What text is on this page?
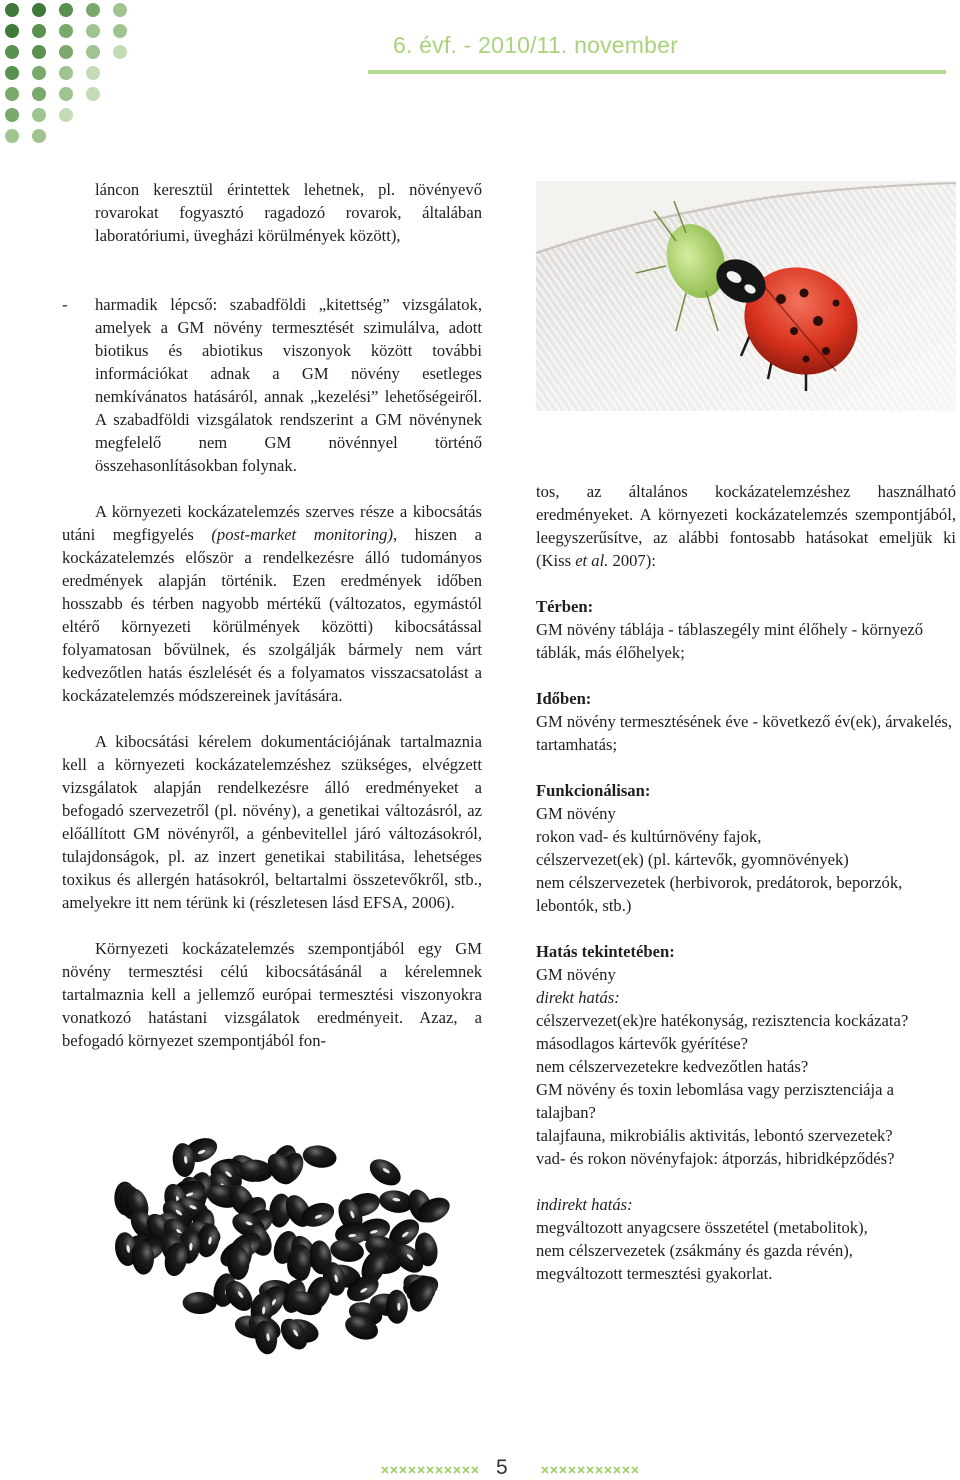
6. évf. - 2010/11. november

láncon keresztül érintettek lehetnek, pl. növényevő rovarokat fogyasztó ragadozó rovarok, általában laboratóriumi, üvegházi körülmények között),

- harmadik lépcső: szabadföldi „kitettség” vizsgálatok, amelyek a GM növény termesztését szimulálva, adott biotikus és abiotikus viszonyok között további információkat adnak a GM növény esetleges nemkívánatos hatásáról, annak „kezelési” lehetőségeiről. A szabadföldi vizsgálatok rendszerint a GM növénynek megfelelő nem GM növénnyel történő összehasonlításokban folynak.

A környezeti kockázatelemzés szerves része a kibocsátás utáni megfigyelés (post-market monitoring), hiszen a kockázatelemzés először a rendelkezésre álló tudományos eredmények alapján történik. Ezen eredmények időben hosszabb és térben nagyobb mértékű (változatos, egymástól eltérő környezeti körülmények közötti) kibocsátással folyamatosan bővülnek, és szolgálják bármely nem várt kedvezőtlen hatás észlelését és a folyamatos visszacsatolást a kockázatelemzés módszereinek javítására.

A kibocsátási kérelem dokumentációjának tartalmaznia kell a környezeti kockázatelemzéshez szükséges, elvégzett vizsgálatok alapján rendelkezésre álló eredményeket a befogadó szervezetről (pl. növény), a genetikai változásról, az előállított GM növényről, a génbevitellel járó változásokról, tulajdonságok, pl. az inzert genetikai stabilitása, lehetséges toxikus és allergén hatásokról, beltartalmi összetevőkről, stb., amelyekre itt nem térünk ki (részletesen lásd EFSA, 2006).

Környezeti kockázatelemzés szempontjából egy GM növény termesztési célú kibocsátásánál a kérelemnek tartalmaznia kell a jellemző európai termesztési viszonyokra vonatkozó hatástani vizsgálatok eredményeit. Azaz, a befogadó környezet szempontjából fon-

tos, az általános kockázatelemzéshez használható eredményeket. A környezeti kockázatelemzés szempontjából, leegyszerűsítve, az alábbi fontosabb hatásokat emeljük ki (Kiss et al. 2007):

Térben:

GM növény táblája - táblaszegély mint élőhely - környező táblák, más élőhelyek;

Időben:

GM növény termesztésének éve - következő év(ek), árvakelés, tartamhatás;

Funkcionálisan:

GM növény

rokon vad- és kultúrnövény fajok,

célszervezet(ek) (pl. kártevők, gyomnövények)

nem célszervezetek (herbivorok, predátorok, beporzók, lebontók, stb.)

Hatás tekintetében:

GM növény

direkt hatás:

célszervezet(ek)re hatékonyság, rezisztencia kockázata?

másodlagos kártevők gyérítése?

nem célszervezetekre kedvezőtlen hatás?

GM növény és toxin lebomlása vagy perzisztenciája a talajban?

talajfauna, mikrobiális aktivitás, lebontó szervezetek?

vad- és rokon növényfajok: átporzás, hibridképződés?

indirekt hatás:

megváltozott anyagcsere összetétel (metabolitok),

nem célszervezetek (zsákmány és gazda révén),

megváltozott termesztési gyakorlat.

5
